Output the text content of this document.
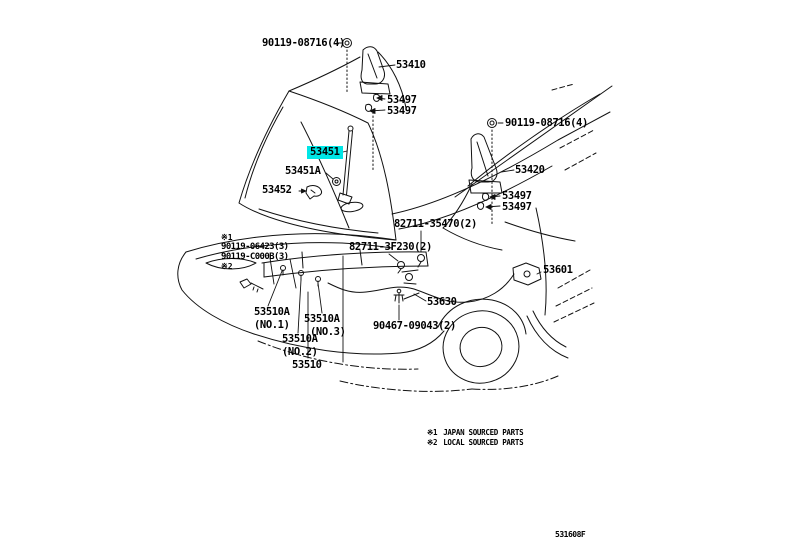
90119-08716(4)
53410
53497
53497
90119-08716(4)
53451
53451A
53452
53420
53497
53497
82711-35470(2)
82711-3F230(2)
※1
90119-06423(3)
90119-C000B(3)
※2	53601
53630
53510A
(NO.1) 53510A
(NO.3)
53510A
(NO.2)
90467-09043(2)
53510
※1 JAPAN SOURCED PARTS
※2 LOCAL SOURCED PARTS
531608F
